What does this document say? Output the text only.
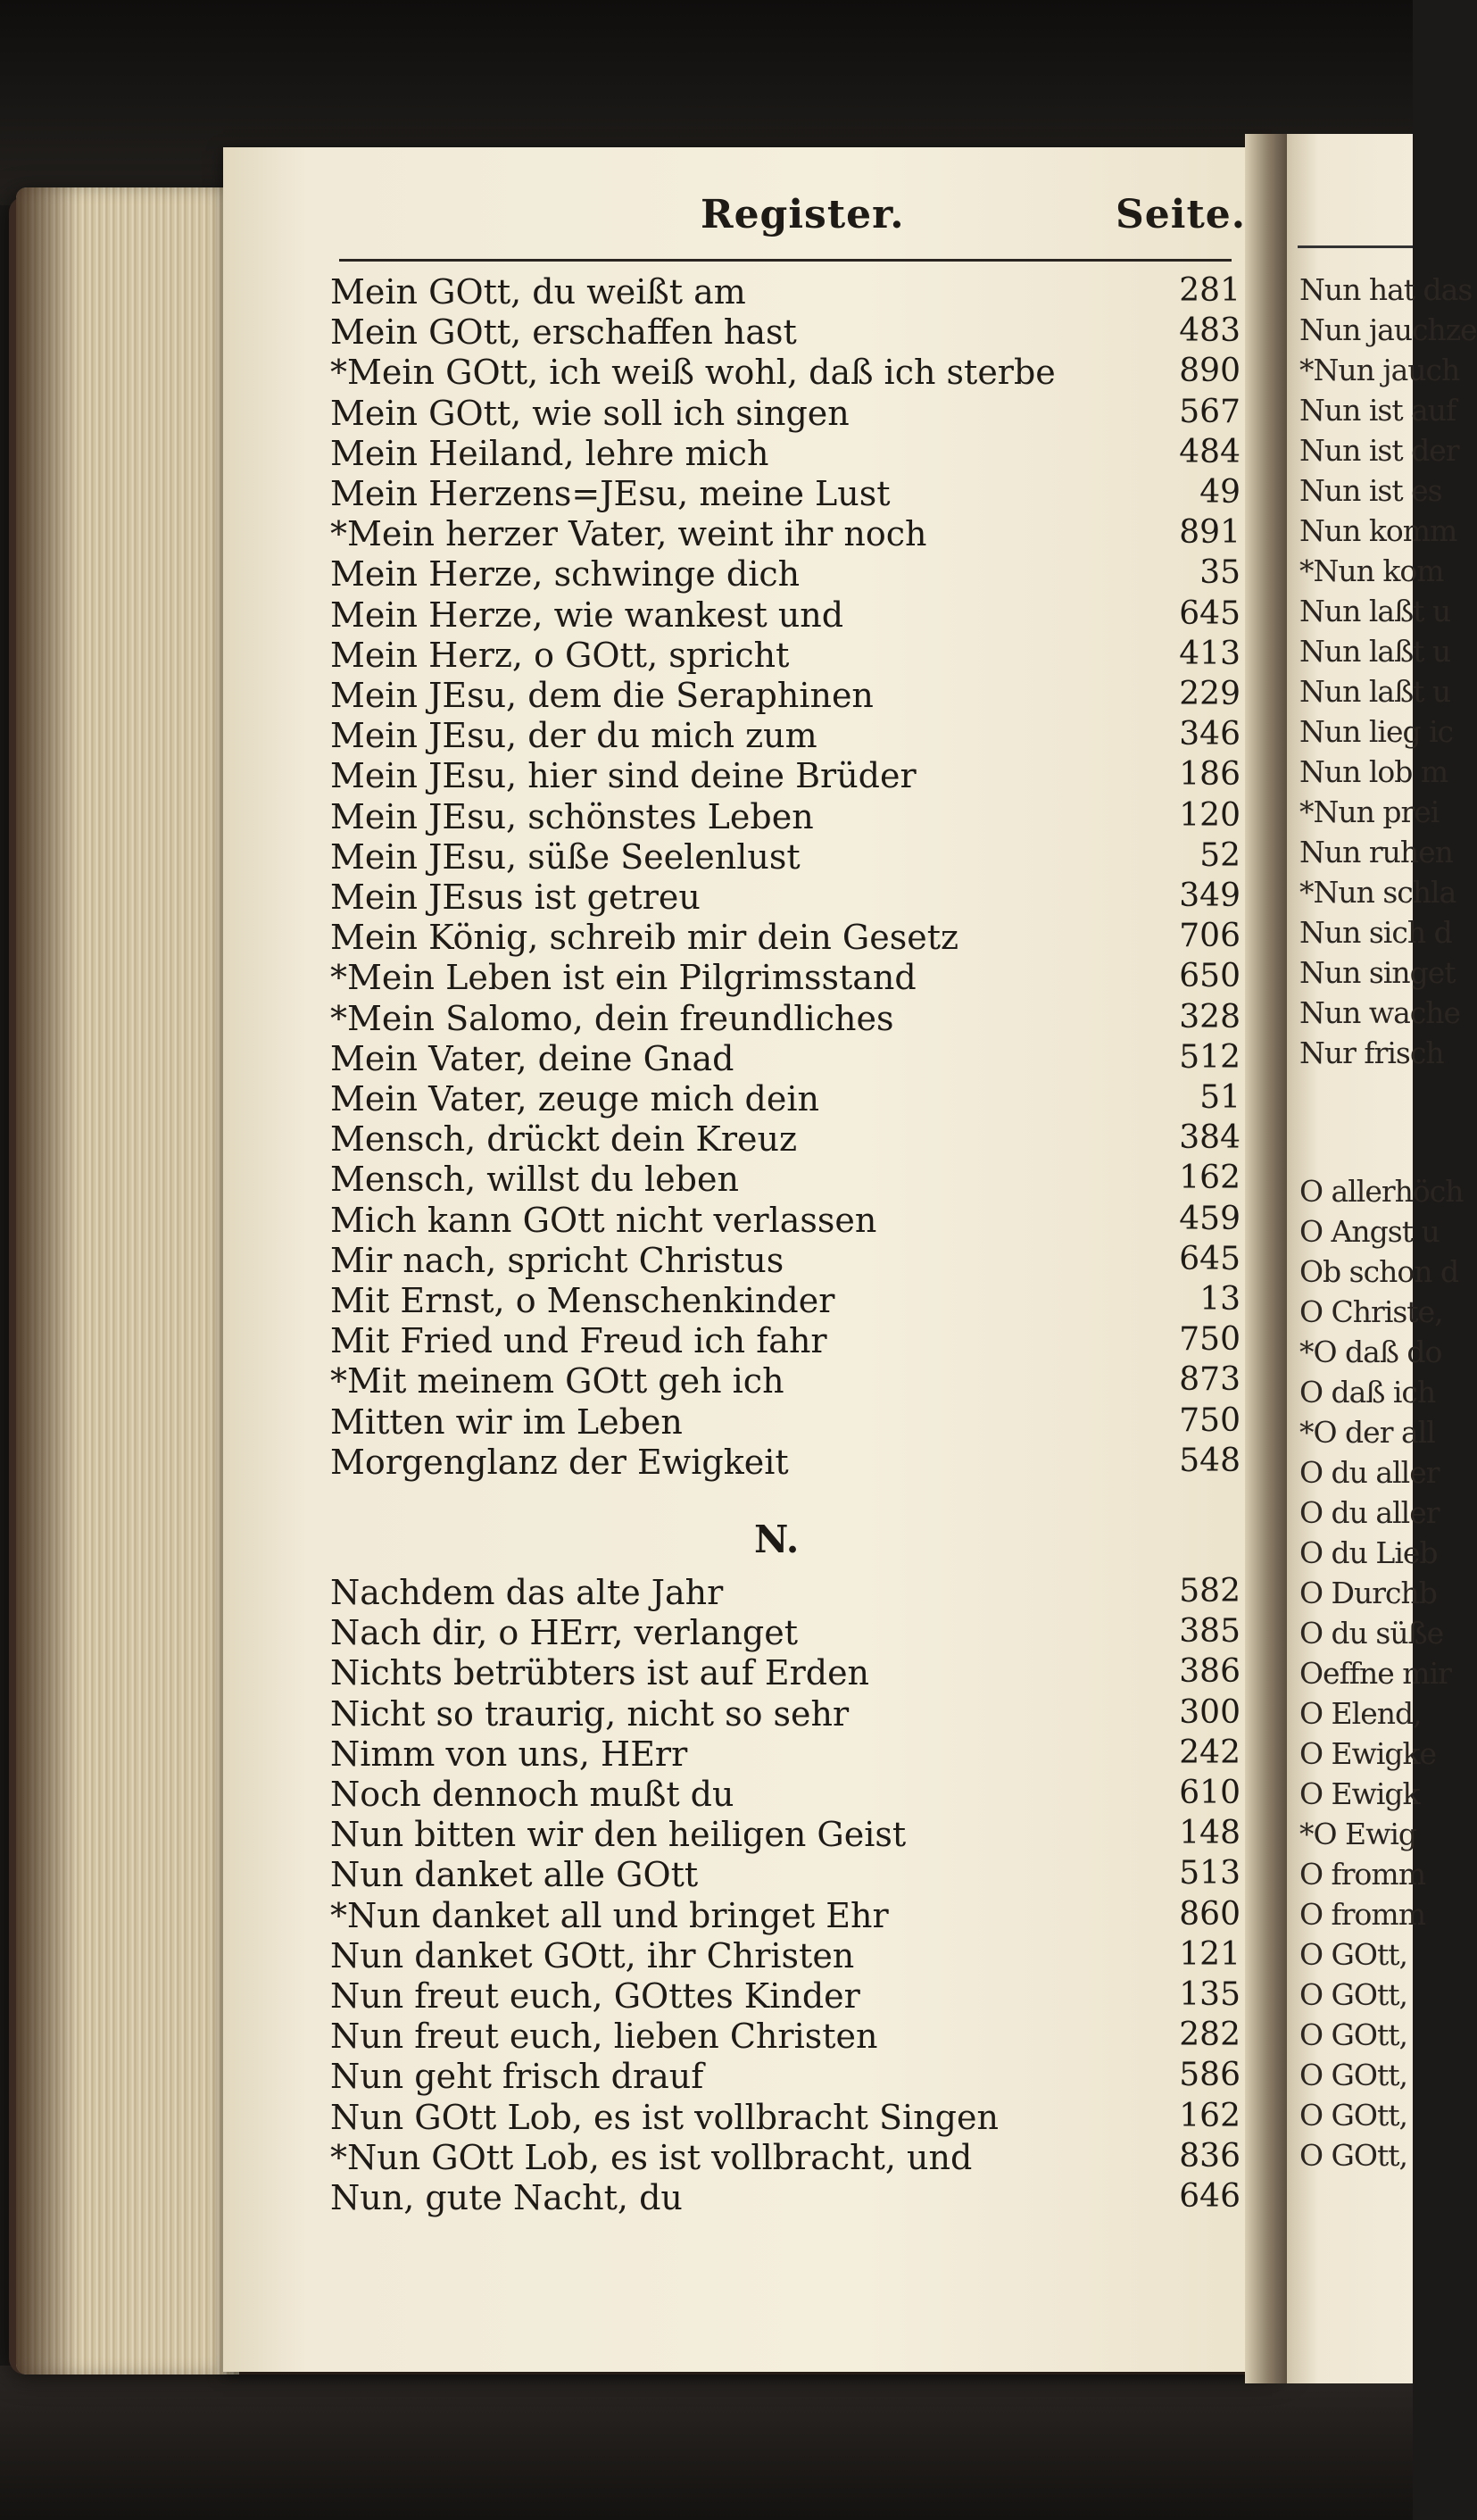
Nun hat das
Nun jauchze
*Nun jauch
Nun ist auf
Nun ist der
Nun ist es
Nun komm
*Nun kom
Nun laßt u
Nun laßt u
Nun laßt u
Nun lieg ic
Nun lob m
*Nun prei
Nun ruhen
*Nun schla
Nun sich d
Nun singet
Nun wache
Nur frisch
O allerhöch
O Angst u
Ob schon d
O Christe,
*O daß do
O daß ich
*O der all
O du aller
O du aller
O du Lieb
O Durchb
O du süße
Oeffne mir
O Elend,
O Ewigke
O Ewigk
*O Ewig
O fromm
O fromm
O GOtt,
O GOtt,
O GOtt,
O GOtt,
O GOtt,
O GOtt,
Register.	Seite.
Mein GOtt, du weißt am	281
Mein GOtt, erschaffen hast	483
*Mein GOtt, ich weiß wohl, daß ich sterbe	890
Mein GOtt, wie soll ich singen	567
Mein Heiland, lehre mich	484
Mein Herzens=JEsu, meine Lust	49
*Mein herzer Vater, weint ihr noch	891
Mein Herze, schwinge dich	35
Mein Herze, wie wankest und	645
Mein Herz, o GOtt, spricht	413
Mein JEsu, dem die Seraphinen	229
Mein JEsu, der du mich zum	346
Mein JEsu, hier sind deine Brüder	186
Mein JEsu, schönstes Leben	120
Mein JEsu, süße Seelenlust	52
Mein JEsus ist getreu	349
Mein König, schreib mir dein Gesetz	706
*Mein Leben ist ein Pilgrimsstand	650
*Mein Salomo, dein freundliches	328
Mein Vater, deine Gnad	512
Mein Vater, zeuge mich dein	51
Mensch, drückt dein Kreuz	384
Mensch, willst du leben	162
Mich kann GOtt nicht verlassen	459
Mir nach, spricht Christus	645
Mit Ernst, o Menschenkinder	13
Mit Fried und Freud ich fahr	750
*Mit meinem GOtt geh ich	873
Mitten wir im Leben	750
Morgenglanz der Ewigkeit	548
N.
Nachdem das alte Jahr	582
Nach dir, o HErr, verlanget	385
Nichts betrübters ist auf Erden	386
Nicht so traurig, nicht so sehr	300
Nimm von uns, HErr	242
Noch dennoch mußt du	610
Nun bitten wir den heiligen Geist	148
Nun danket alle GOtt	513
*Nun danket all und bringet Ehr	860
Nun danket GOtt, ihr Christen	121
Nun freut euch, GOttes Kinder	135
Nun freut euch, lieben Christen	282
Nun geht frisch drauf	586
Nun GOtt Lob, es ist vollbracht Singen	162
*Nun GOtt Lob, es ist vollbracht, und	836
Nun, gute Nacht, du	646
